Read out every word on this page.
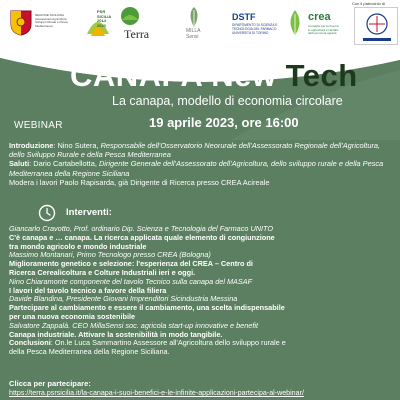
REGIONE SICILIANA
Assessorato Agricoltura
Sviluppo Rurale e Pesca
Mediterranea
PSR
SICILIA
2014
2020
Terra	MILLA
Sensi
DSTF
DIPARTIMENTO DI SCIENZA E
TECNOLOGIA DEL FARMACO
UNIVERSITÀ DI TORINO
crea
Consiglio per la ricerca
in agricoltura e l'analisi
dell'economia agraria
Con il patrocinio di
CANAPA New Tech
La canapa, modello di economia circolare
WEBINAR	19 aprile 2023, ore 16:00

Introduzione: Nino Sutera, Responsabile dell'Osservatorio Neorurale dell'Assessorato Regionale dell'Agricoltura, dello Sviluppo Rurale e della Pesca Mediterranea

Saluti: Dario Cartabellotta, Dirigente Generale dell'Assessorato dell'Agricoltura, dello sviluppo rurale e della Pesca Mediterranea della Regione Siciliana

Modera i lavori Paolo Rapisarda, già Dirigente di Ricerca presso CREA Acireale

Interventi:
Giancarlo Cravotto, Prof. ordinario Dip. Scienza e Tecnologia del Farmaco UNITO
C'è canapa e … canapa. La ricerca applicata quale elemento di congiunzione
tra mondo agricolo e mondo industriale
Massimo Montanari, Primo Tecnologo presso CREA (Bologna)
Miglioramento genetico e selezione: l'esperienza del CREA – Centro di
Ricerca Cerealicoltura e Colture Industriali ieri e oggi.
Nino Chiaramonte componente del tavolo Tecnico sulla canapa del MASAF
I lavori del tavolo tecnico a favore della filiera
Davide Blandina, Presidente Giovani Imprenditori Sicindustria Messina
Partecipare al cambiamento e essere il cambiamento, una scelta indispensabile
per una nuova economia sostenibile
Salvatore Zappalà. CEO MillaSensi soc. agricola start-up innovative e benefit
Canapa industriale. Attivare la sostenibilità in modo tangibile.
Conclusioni: On.le Luca Sammartino Assessore all'Agricoltura dello sviluppo rurale e
della Pesca Mediterranea della Regione Siciliana.
Clicca per partecipare:
https://terra.psrsicilia.it/la-canapa-i-suoi-benefici-e-le-infinite-applicazioni-partecipa-al-webinar/
